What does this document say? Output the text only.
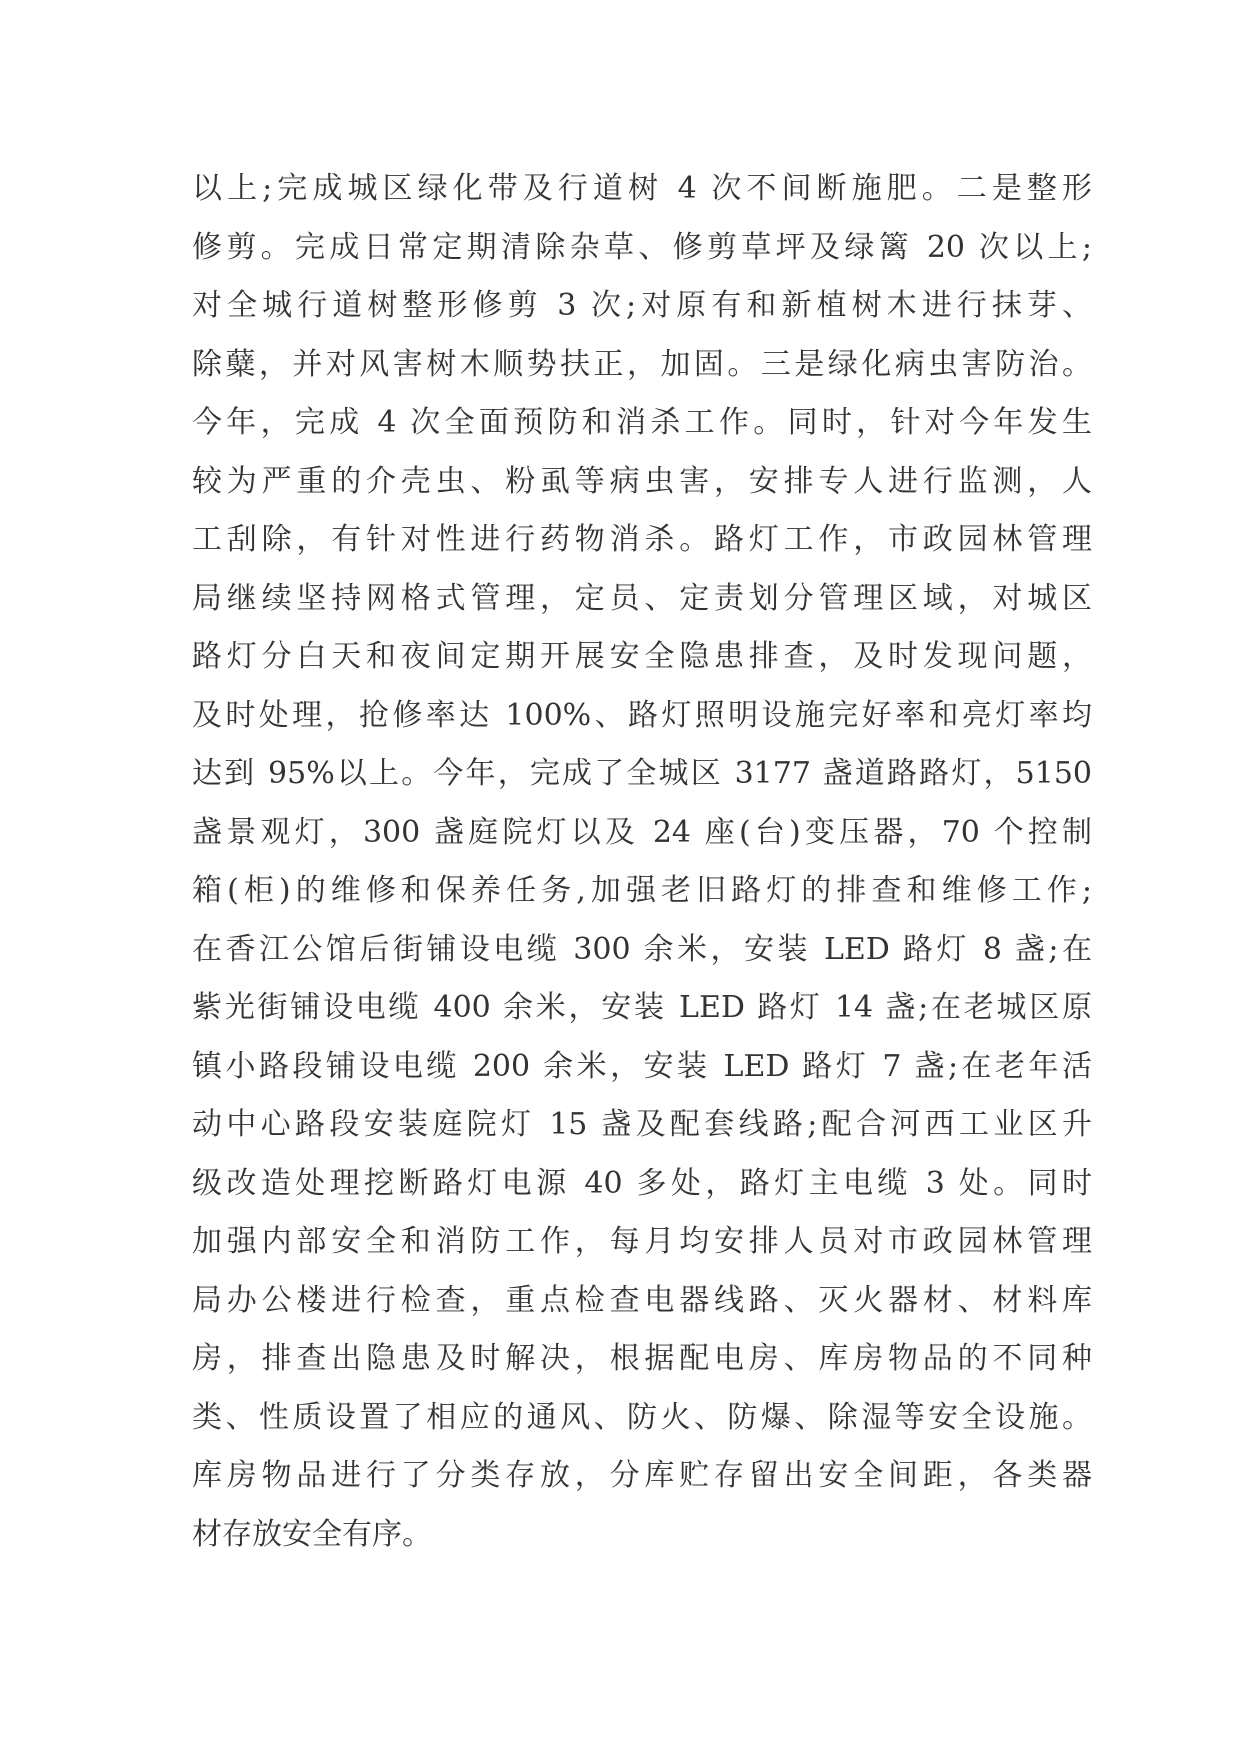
以上;完成城区绿化带及行道树 4 次不间断施肥。二是整形
修剪。完成日常定期清除杂草、修剪草坪及绿篱 20 次以上;
对全城行道树整形修剪 3 次;对原有和新植树木进行抹芽、
除糵，并对风害树木顺势扶正，加固。三是绿化病虫害防治。
今年，完成 4 次全面预防和消杀工作。同时，针对今年发生
较为严重的介壳虫、粉虱等病虫害，安排专人进行监测，人
工刮除，有针对性进行药物消杀。路灯工作，市政园林管理
局继续坚持网格式管理，定员、定责划分管理区域，对城区
路灯分白天和夜间定期开展安全隐患排查，及时发现问题，
及时处理，抢修率达 100%、路灯照明设施完好率和亮灯率均
达到 95%以上。今年，完成了全城区 3177 盏道路路灯，5150
盏景观灯，300 盏庭院灯以及 24 座(台)变压器，70 个控制
箱(柜)的维修和保养任务,加强老旧路灯的排查和维修工作;
在香江公馆后街铺设电缆 300 余米，安装 LED 路灯 8 盏;在
紫光街铺设电缆 400 余米，安装 LED 路灯 14 盏;在老城区原
镇小路段铺设电缆 200 余米，安装 LED 路灯 7 盏;在老年活
动中心路段安装庭院灯 15 盏及配套线路;配合河西工业区升
级改造处理挖断路灯电源 40 多处，路灯主电缆 3 处。同时
加强内部安全和消防工作，每月均安排人员对市政园林管理
局办公楼进行检查，重点检查电器线路、灭火器材、材料库
房，排查出隐患及时解决，根据配电房、库房物品的不同种
类、性质设置了相应的通风、防火、防爆、除湿等安全设施。
库房物品进行了分类存放，分库贮存留出安全间距，各类器
材存放安全有序。
